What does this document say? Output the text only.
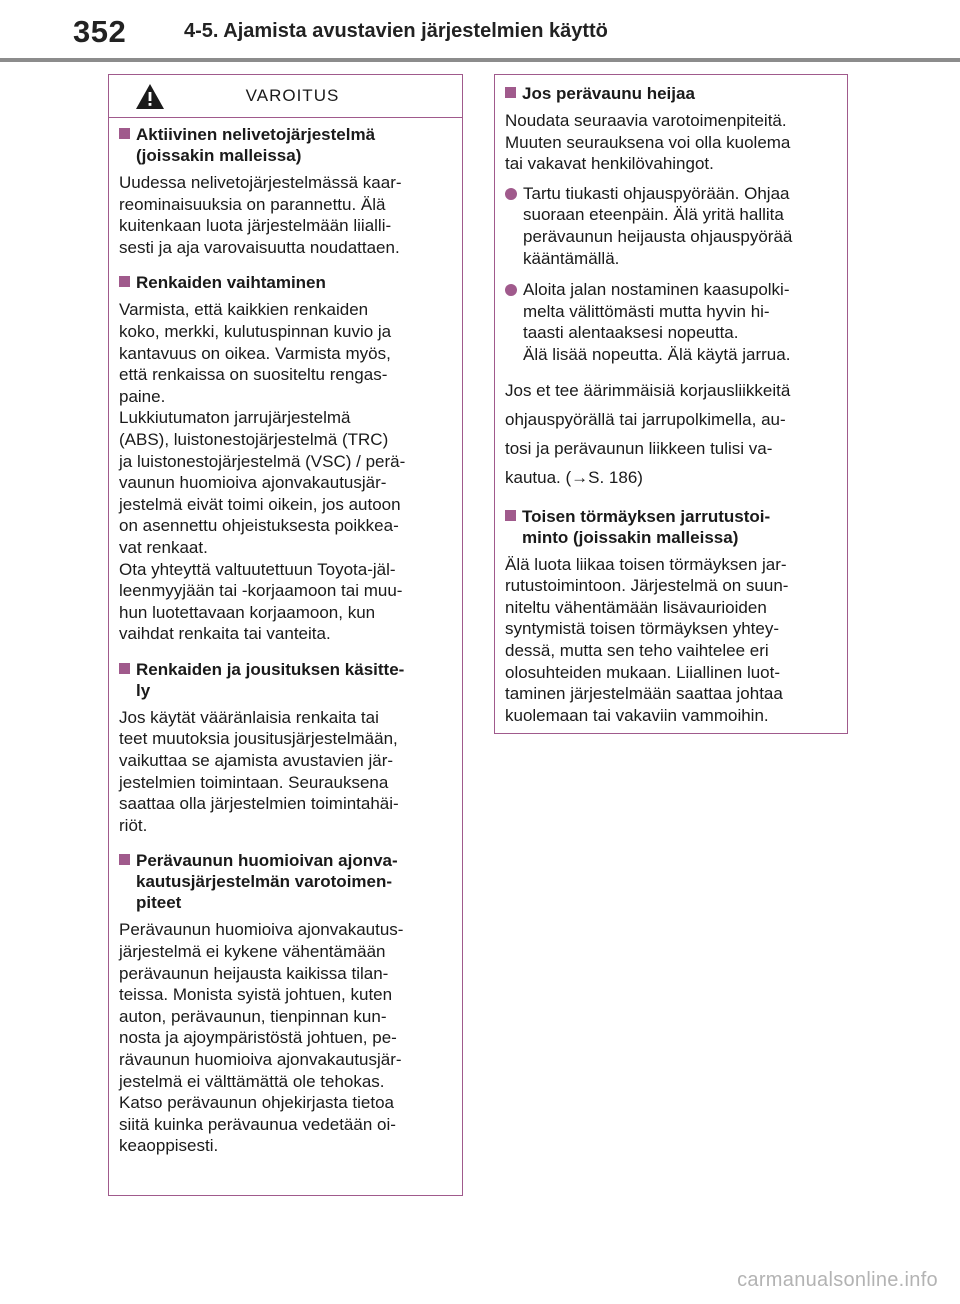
352	4-5. Ajamista avustavien järjestelmien käyttö
VAROITUS
Aktiivinen nelivetojärjestelmä
(joissakin malleissa)

Uudessa nelivetojärjestelmässä kaar-
reominaisuuksia on parannettu. Älä
kuitenkaan luota järjestelmään liialli-
sesti ja aja varovaisuutta noudattaen.

Renkaiden vaihtaminen

Varmista, että kaikkien renkaiden
koko, merkki, kulutuspinnan kuvio ja
kantavuus on oikea. Varmista myös,
että renkaissa on suositeltu rengas-
paine.
Lukkiutumaton jarrujärjestelmä
(ABS), luistonestojärjestelmä (TRC)
ja luistonestojärjestelmä (VSC) / perä-
vaunun huomioiva ajonvakautusjär-
jestelmä eivät toimi oikein, jos autoon
on asennettu ohjeistuksesta poikkea-
vat renkaat.
Ota yhteyttä valtuutettuun Toyota-jäl-
leenmyyjään tai -korjaamoon tai muu-
hun luotettavaan korjaamoon, kun
vaihdat renkaita tai vanteita.

Renkaiden ja jousituksen käsitte-
ly

Jos käytät vääränlaisia renkaita tai
teet muutoksia jousitusjärjestelmään,
vaikuttaa se ajamista avustavien jär-
jestelmien toimintaan. Seurauksena
saattaa olla järjestelmien toimintahäi-
riöt.

Perävaunun huomioivan ajonva-
kautusjärjestelmän varotoimen-
piteet

Perävaunun huomioiva ajonvakautus-
järjestelmä ei kykene vähentämään
perävaunun heijausta kaikissa tilan-
teissa. Monista syistä johtuen, kuten
auton, perävaunun, tienpinnan kun-
nosta ja ajoympäristöstä johtuen, pe-
rävaunun huomioiva ajonvakautusjär-
jestelmä ei välttämättä ole tehokas.
Katso perävaunun ohjekirjasta tietoa
siitä kuinka perävaunua vedetään oi-
keaoppisesti.

Jos perävaunu heijaa

Noudata seuraavia varotoimenpiteitä.
Muuten seurauksena voi olla kuolema
tai vakavat henkilövahingot.

Tartu tiukasti ohjauspyörään. Ohjaa
suoraan eteenpäin. Älä yritä hallita
perävaunun heijausta ohjauspyörää
kääntämällä.
Aloita jalan nostaminen kaasupolki-
melta välittömästi mutta hyvin hi-
taasti alentaaksesi nopeutta.
Älä lisää nopeutta. Älä käytä jarrua.

Jos et tee äärimmäisiä korjausliikkeitä
ohjauspyörällä tai jarrupolkimella, au-
tosi ja perävaunun liikkeen tulisi va-
kautua. (→S. 186)

Toisen törmäyksen jarrutustoi-
minto (joissakin malleissa)

Älä luota liikaa toisen törmäyksen jar-
rutustoimintoon. Järjestelmä on suun-
niteltu vähentämään lisävaurioiden
syntymistä toisen törmäyksen yhtey-
dessä, mutta sen teho vaihtelee eri
olosuhteiden mukaan. Liiallinen luot-
taminen järjestelmään saattaa johtaa
kuolemaan tai vakaviin vammoihin.

carmanualsonline.info
